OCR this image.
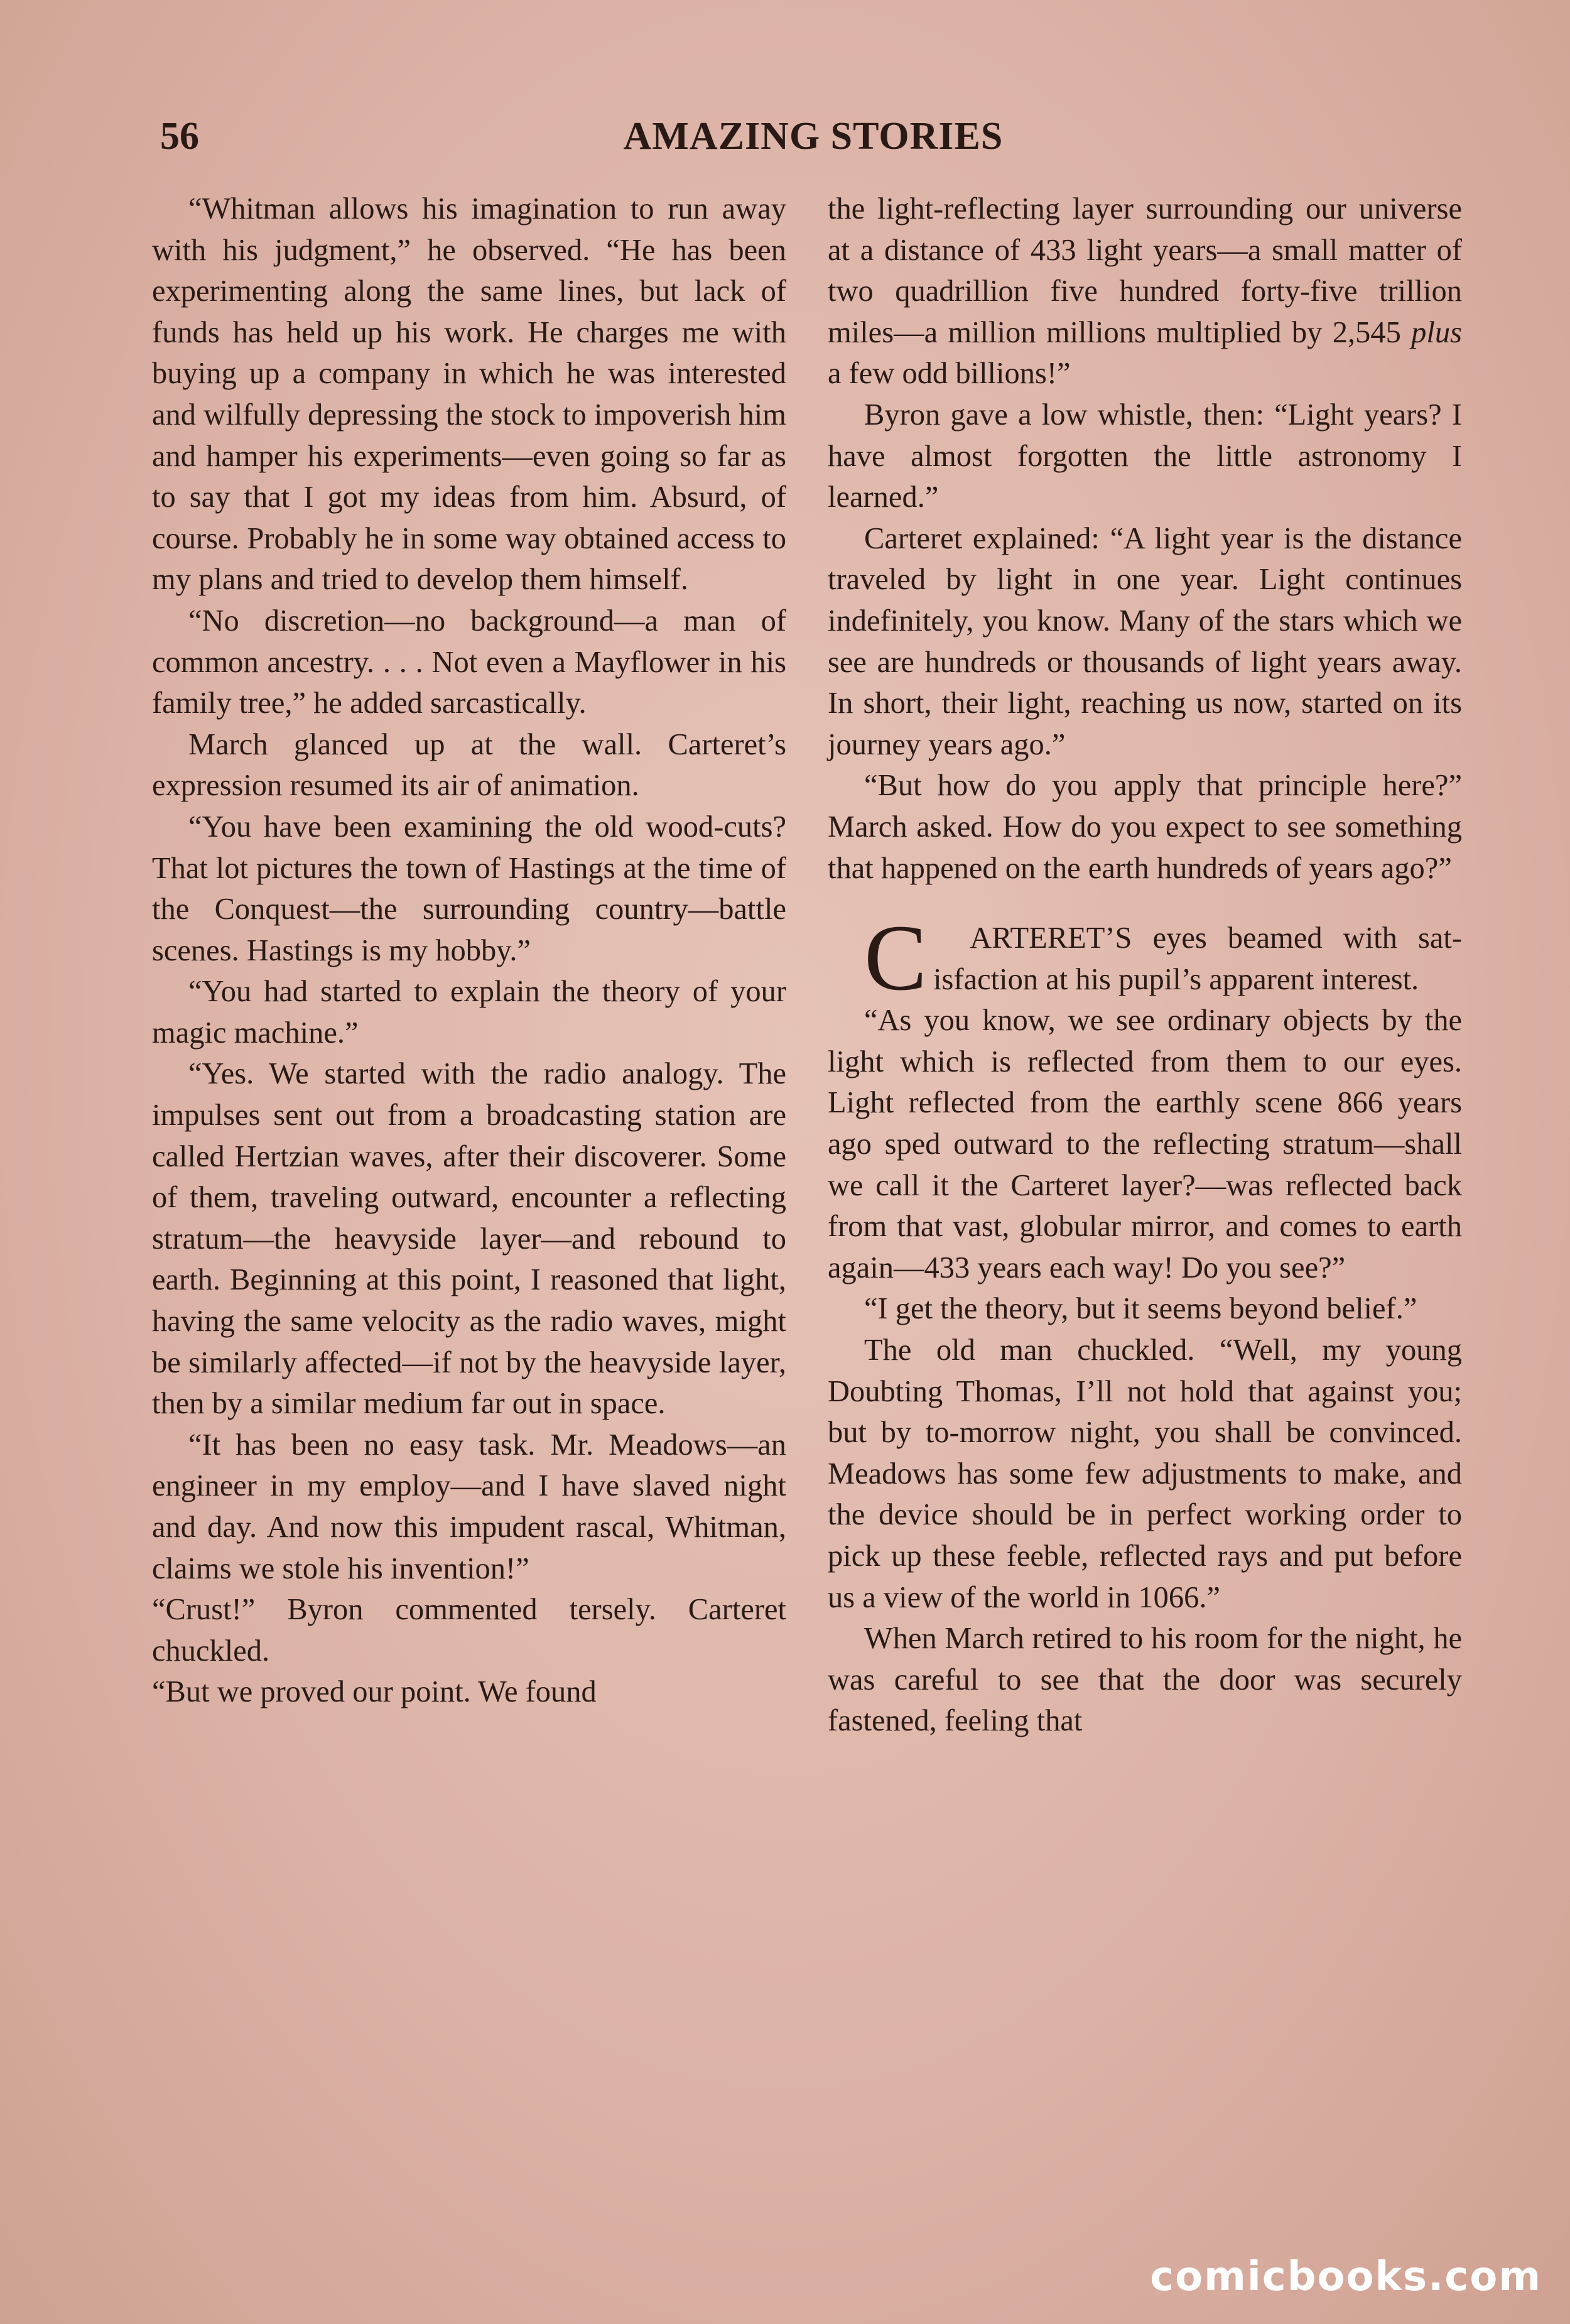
56	AMAZING STORIES

“Whitman allows his imagination to run away with his judgment,” he observed. “He has been experimenting along the same lines, but lack of funds has held up his work. He charges me with buying up a company in which he was interested and wilfully depressing the stock to impoverish him and hamper his experiments—even going so far as to say that I got my ideas from him. Absurd, of course. Probably he in some way obtained access to my plans and tried to develop them himself.

“No discretion—no background—a man of common ancestry. . . . Not even a Mayflower in his family tree,” he added sarcastically.

March glanced up at the wall. Carteret’s expression resumed its air of animation.

“You have been examining the old wood-cuts? That lot pictures the town of Hastings at the time of the Conquest—the surrounding country—battle scenes. Hastings is my hobby.”

“You had started to explain the theory of your magic machine.”

“Yes. We started with the radio analogy. The impulses sent out from a broadcasting station are called Hertzian waves, after their discoverer. Some of them, traveling outward, encounter a reflecting stratum—the heavyside layer—and rebound to earth. Beginning at this point, I reasoned that light, having the same velocity as the radio waves, might be similarly affected—if not by the heavyside layer, then by a similar medium far out in space.

“It has been no easy task. Mr. Meadows—an engineer in my employ—and I have slaved night and day. And now this impudent rascal, Whitman, claims we stole his invention!”

“Crust!” Byron commented tersely. Carteret chuckled.

“But we proved our point. We found

the light-reflecting layer surrounding our universe at a distance of 433 light years—a small matter of two quadrillion five hundred forty-five trillion miles—a million millions multiplied by 2,545 plus a few odd billions!”

Byron gave a low whistle, then: “Light years? I have almost forgotten the little astronomy I learned.”

Carteret explained: “A light year is the distance traveled by light in one year. Light continues indefinitely, you know. Many of the stars which we see are hundreds or thousands of light years away. In short, their light, reaching us now, started on its journey years ago.”

“But how do you apply that principle here?” March asked. How do you expect to see something that happened on the earth hundreds of years ago?”

C ARTERET’S eyes beamed with satisfaction at his pupil’s apparent interest.

“As you know, we see ordinary objects by the light which is reflected from them to our eyes. Light reflected from the earthly scene 866 years ago sped outward to the reflecting stratum—shall we call it the Carteret layer?—was reflected back from that vast, globular mirror, and comes to earth again—433 years each way! Do you see?”

“I get the theory, but it seems beyond belief.”

The old man chuckled. “Well, my young Doubting Thomas, I’ll not hold that against you; but by to-morrow night, you shall be convinced. Meadows has some few adjustments to make, and the device should be in perfect working order to pick up these feeble, reflected rays and put before us a view of the world in 1066.”

When March retired to his room for the night, he was careful to see that the door was securely fastened, feeling that

comicbooks.com
